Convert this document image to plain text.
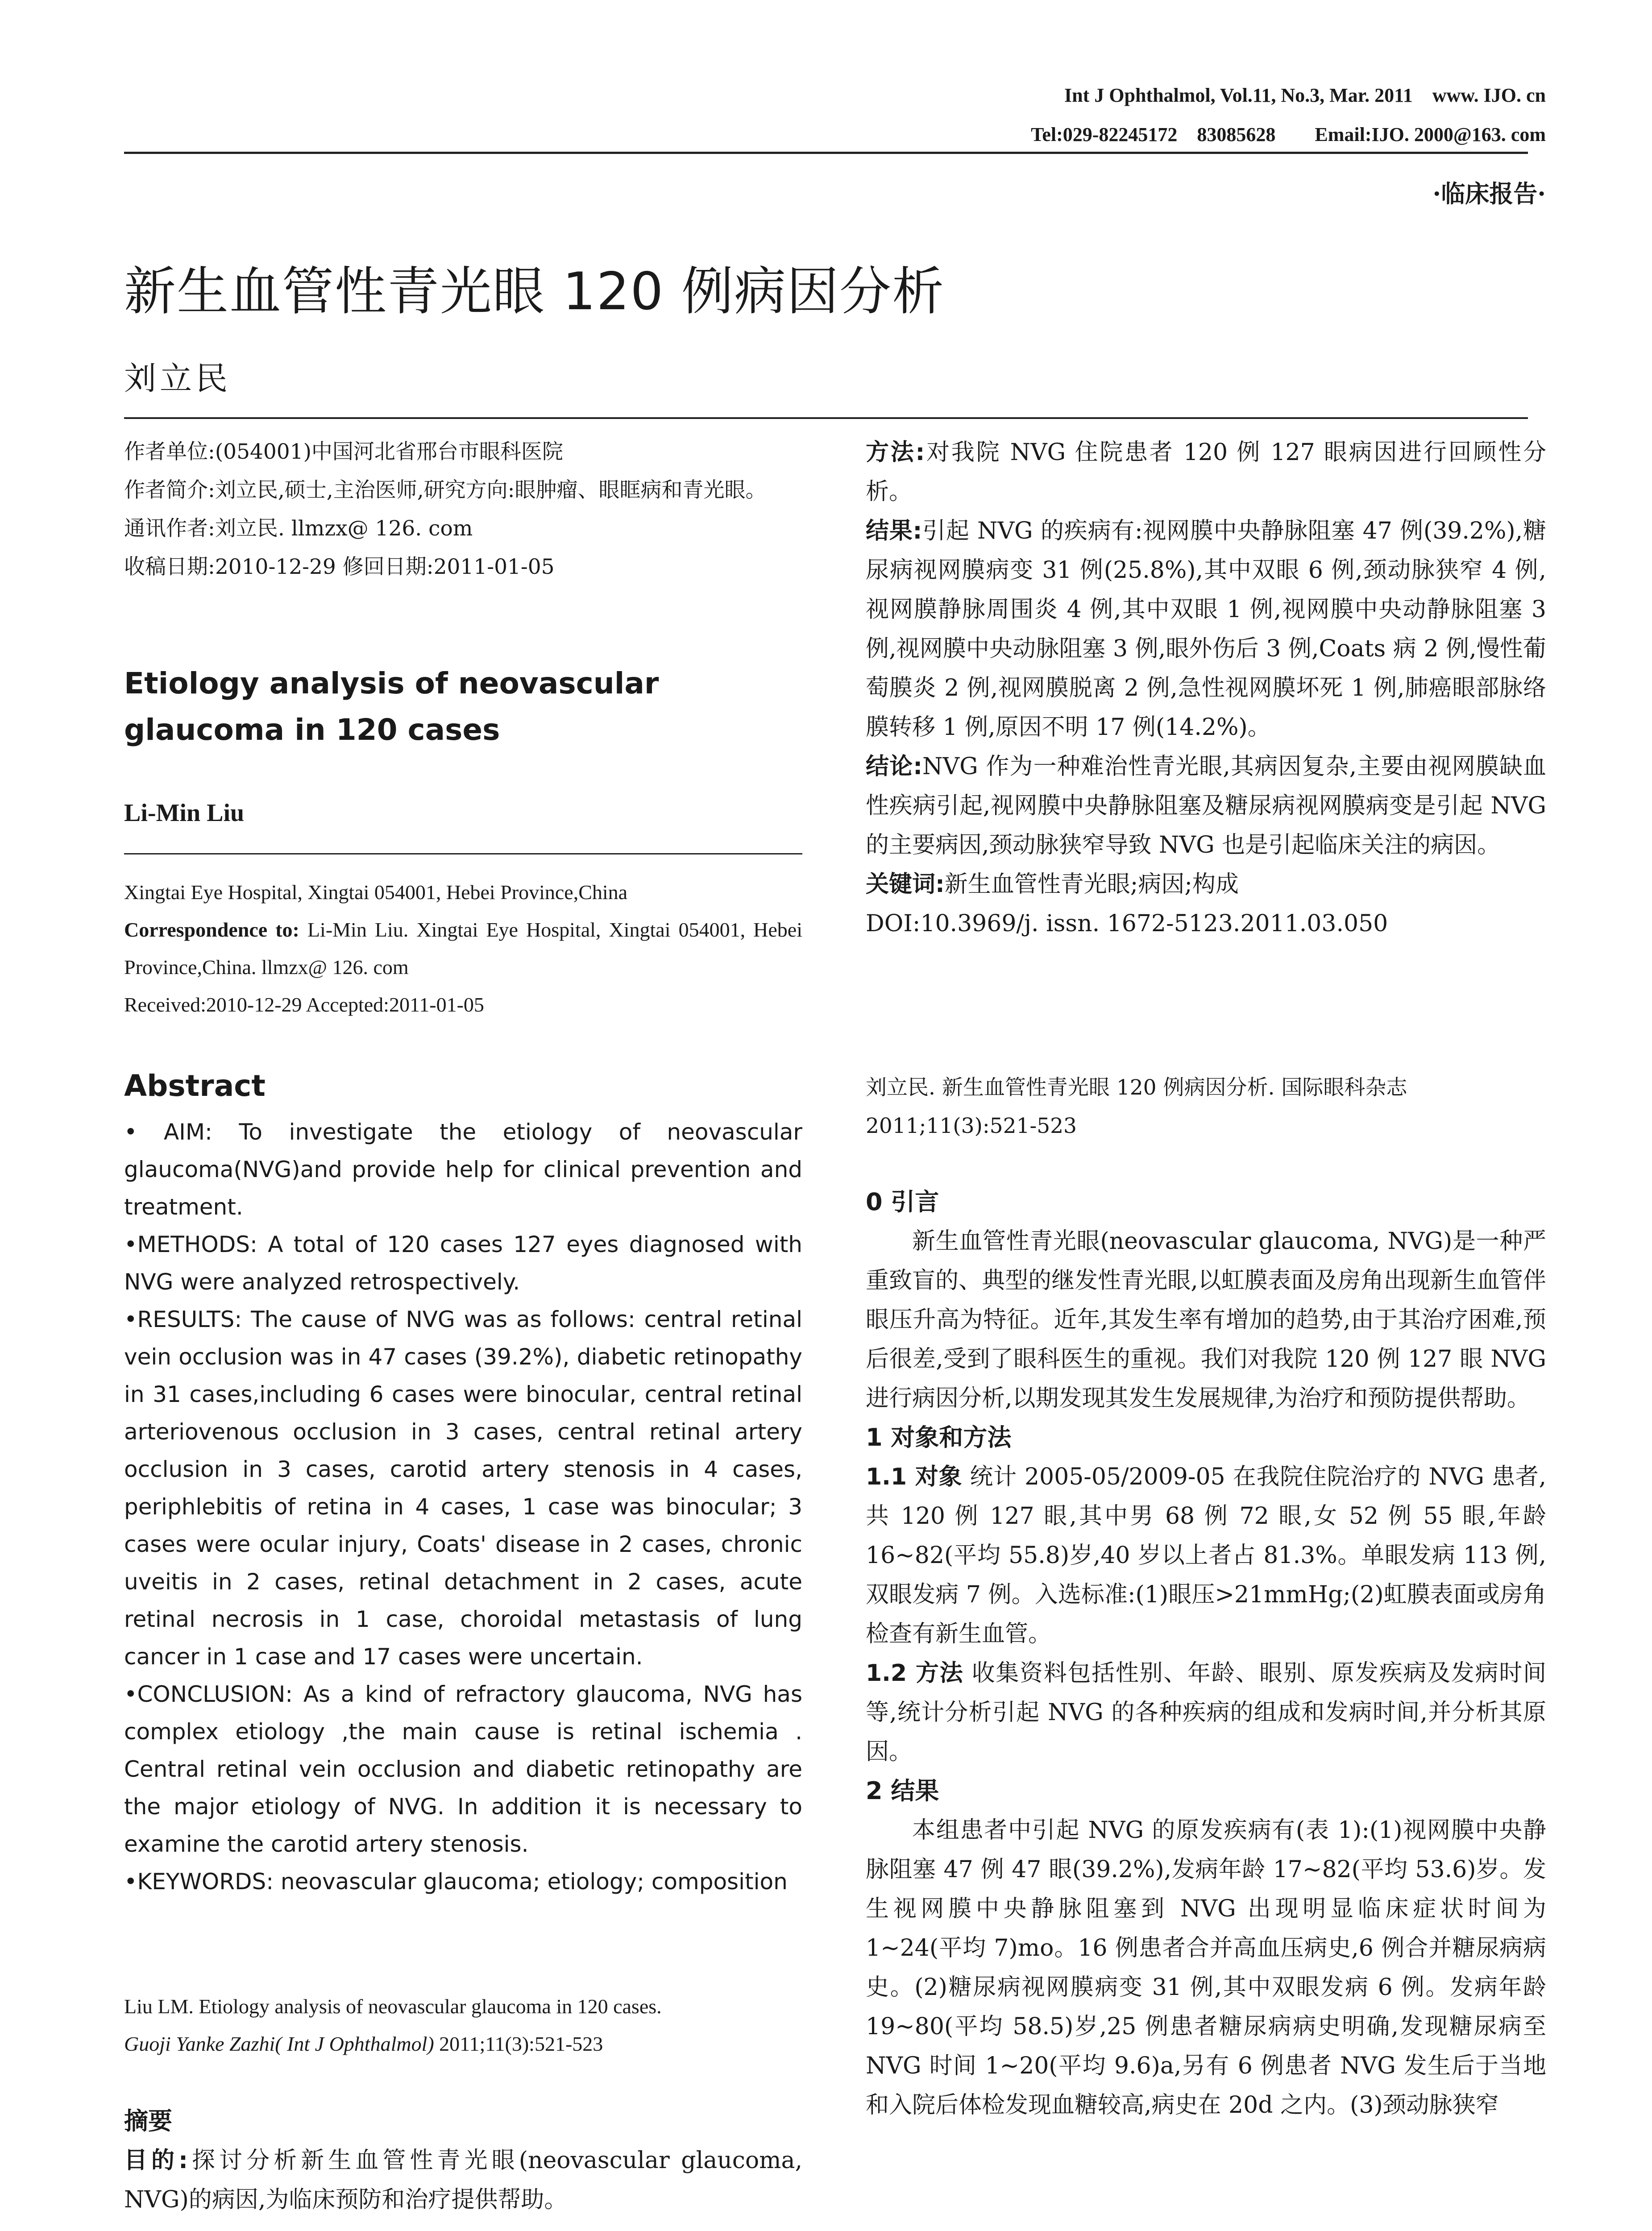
Int J Ophthalmol, Vol.11, No.3, Mar. 2011    www. IJO. cn
Tel:029-82245172    83085628        Email:IJO. 2000@163. com
·临床报告·
新生血管性青光眼 120 例病因分析
刘立民

作者单位:(054001)中国河北省邢台市眼科医院

作者简介:刘立民,硕士,主治医师,研究方向:眼肿瘤、眼眶病和青光眼。

通讯作者:刘立民. llmzx@ 126. com

收稿日期:2010-12-29 修回日期:2011-01-05

Etiology analysis of neovascular glaucoma in 120 cases
Li-Min Liu

Xingtai Eye Hospital, Xingtai 054001, Hebei Province,China

Correspondence to: Li-Min Liu. Xingtai Eye Hospital, Xingtai 054001, Hebei Province,China. llmzx@ 126. com

Received:2010-12-29 Accepted:2011-01-05

Abstract

• AIM: To investigate the etiology of neovascular glaucoma(NVG)and provide help for clinical prevention and treatment.

•METHODS: A total of 120 cases 127 eyes diagnosed with NVG were analyzed retrospectively.

•RESULTS: The cause of NVG was as follows: central retinal vein occlusion was in 47 cases (39.2%), diabetic retinopathy in 31 cases,including 6 cases were binocular, central retinal arteriovenous occlusion in 3 cases, central retinal artery occlusion in 3 cases, carotid artery stenosis in 4 cases, periphlebitis of retina in 4 cases, 1 case was binocular; 3 cases were ocular injury, Coats' disease in 2 cases, chronic uveitis in 2 cases, retinal detachment in 2 cases, acute retinal necrosis in 1 case, choroidal metastasis of lung cancer in 1 case and 17 cases were uncertain.

•CONCLUSION: As a kind of refractory glaucoma, NVG has complex etiology ,the main cause is retinal ischemia . Central retinal vein occlusion and diabetic retinopathy are the major etiology of NVG. In addition it is necessary to examine the carotid artery stenosis.

•KEYWORDS: neovascular glaucoma; etiology; composition

Liu LM. Etiology analysis of neovascular glaucoma in 120 cases.

Guoji Yanke Zazhi( Int J Ophthalmol) 2011;11(3):521-523

摘要

目的:探讨分析新生血管性青光眼(neovascular glaucoma, NVG)的病因,为临床预防和治疗提供帮助。

方法:对我院 NVG 住院患者 120 例 127 眼病因进行回顾性分析。

结果:引起 NVG 的疾病有:视网膜中央静脉阻塞 47 例(39.2%),糖尿病视网膜病变 31 例(25.8%),其中双眼 6 例,颈动脉狭窄 4 例,视网膜静脉周围炎 4 例,其中双眼 1 例,视网膜中央动静脉阻塞 3 例,视网膜中央动脉阻塞 3 例,眼外伤后 3 例,Coats 病 2 例,慢性葡萄膜炎 2 例,视网膜脱离 2 例,急性视网膜坏死 1 例,肺癌眼部脉络膜转移 1 例,原因不明 17 例(14.2%)。

结论:NVG 作为一种难治性青光眼,其病因复杂,主要由视网膜缺血性疾病引起,视网膜中央静脉阻塞及糖尿病视网膜病变是引起 NVG 的主要病因,颈动脉狭窄导致 NVG 也是引起临床关注的病因。

关键词:新生血管性青光眼;病因;构成

DOI:10.3969/j. issn. 1672-5123.2011.03.050

刘立民. 新生血管性青光眼 120 例病因分析. 国际眼科杂志 2011;11(3):521-523

0 引言

新生血管性青光眼(neovascular glaucoma, NVG)是一种严重致盲的、典型的继发性青光眼,以虹膜表面及房角出现新生血管伴眼压升高为特征。近年,其发生率有增加的趋势,由于其治疗困难,预后很差,受到了眼科医生的重视。我们对我院 120 例 127 眼 NVG 进行病因分析,以期发现其发生发展规律,为治疗和预防提供帮助。

1 对象和方法

1.1 对象 统计 2005-05/2009-05 在我院住院治疗的 NVG 患者,共 120 例 127 眼,其中男 68 例 72 眼,女 52 例 55 眼,年龄 16~82(平均 55.8)岁,40 岁以上者占 81.3%。单眼发病 113 例,双眼发病 7 例。入选标准:(1)眼压>21mmHg;(2)虹膜表面或房角检查有新生血管。

1.2 方法 收集资料包括性别、年龄、眼别、原发疾病及发病时间等,统计分析引起 NVG 的各种疾病的组成和发病时间,并分析其原因。

2 结果

本组患者中引起 NVG 的原发疾病有(表 1):(1)视网膜中央静脉阻塞 47 例 47 眼(39.2%),发病年龄 17~82(平均 53.6)岁。发生视网膜中央静脉阻塞到 NVG 出现明显临床症状时间为 1~24(平均 7)mo。16 例患者合并高血压病史,6 例合并糖尿病病史。(2)糖尿病视网膜病变 31 例,其中双眼发病 6 例。发病年龄 19~80(平均 58.5)岁,25 例患者糖尿病病史明确,发现糖尿病至 NVG 时间 1~20(平均 9.6)a,另有 6 例患者 NVG 发生后于当地和入院后体检发现血糖较高,病史在 20d 之内。(3)颈动脉狭窄
